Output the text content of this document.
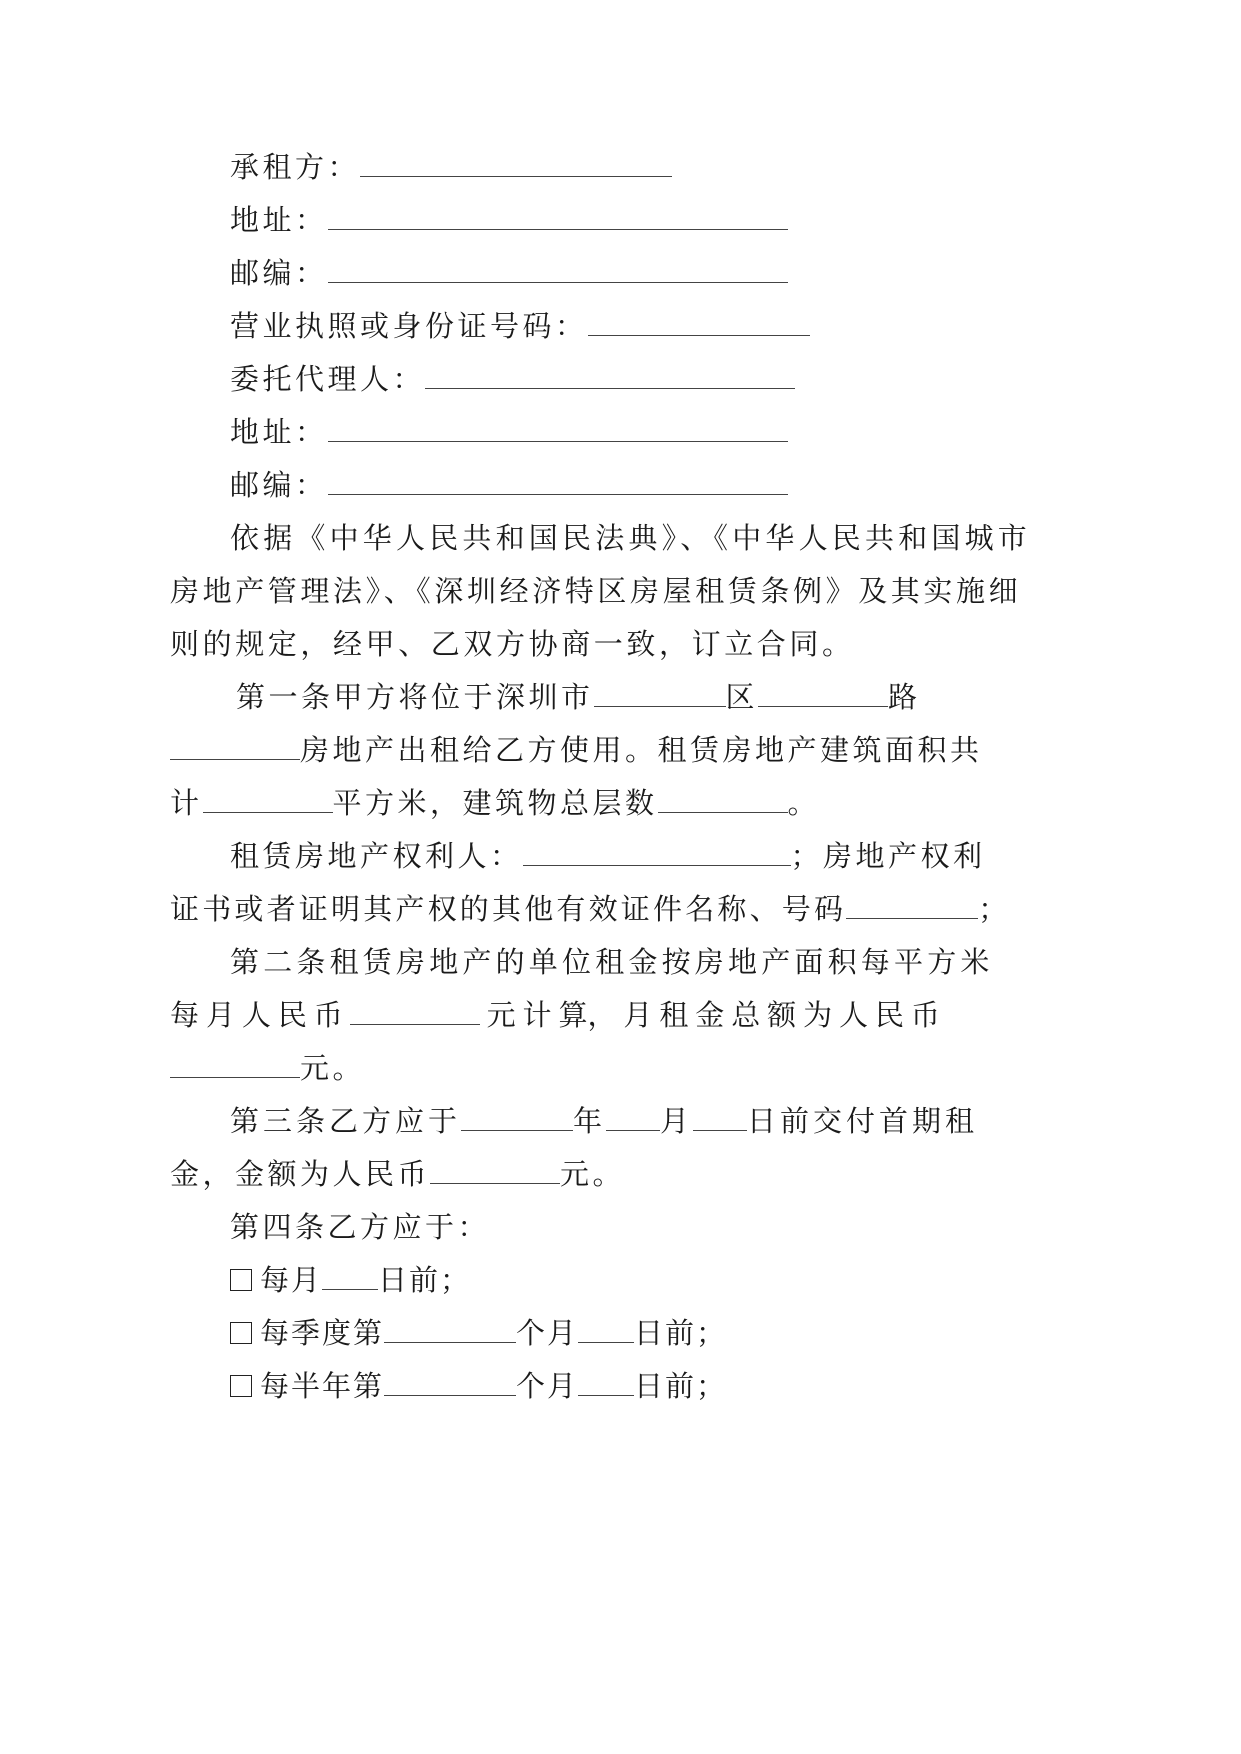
承租方：
地址：
邮编：
营业执照或身份证号码：
委托代理人：
地址：
邮编：
依据《中华人民共和国民法典》、《中华人民共和国城市
房地产管理法》、《深圳经济特区房屋租赁条例》及其实施细
则的规定，经甲、乙双方协商一致，订立合同。
第一条甲方将位于深圳市	区	路
房地产出租给乙方使用。租赁房地产建筑面积共
计	平方米，建筑物总层数	。
租赁房地产权利人：	；房地产权利
证书或者证明其产权的其他有效证件名称、号码	；
第二条租赁房地产的单位租金按房地产面积每平方米
每 月 人 民 币	元 计 算， 月 租 金 总 额 为 人 民 币
元。
第三条乙方应于	年 月 日前交付首期租
金，金额为人民币	元。
第四条乙方应于：
每月 日前；
每季度第	个月 日前；
每半年第	个月 日前；
